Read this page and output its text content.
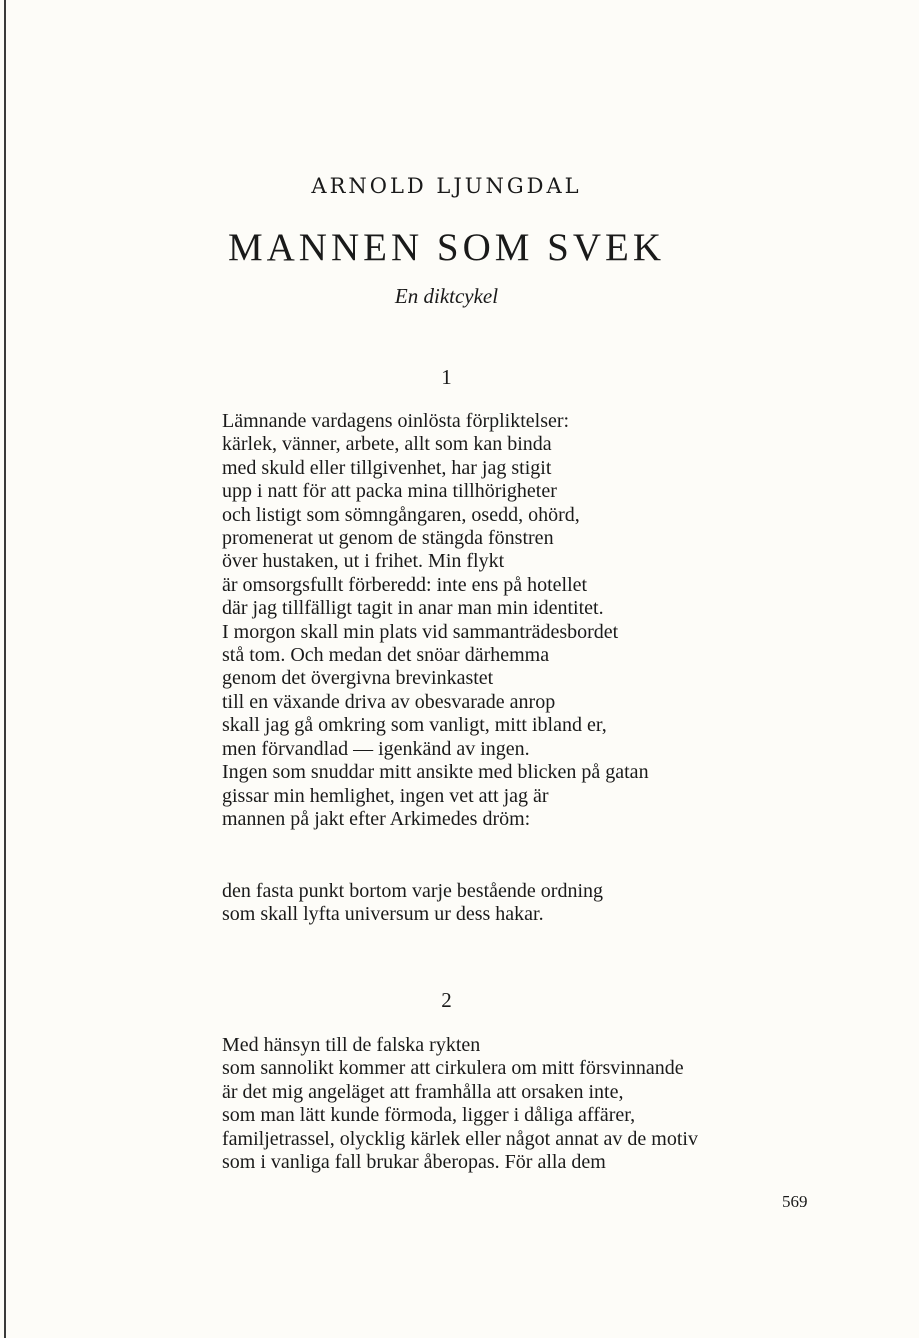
ARNOLD LJUNGDAL
MANNEN SOM SVEK
En diktcykel
1
Lämnande vardagens oinlösta förpliktelser:
kärlek, vänner, arbete, allt som kan binda
med skuld eller tillgivenhet, har jag stigit
upp i natt för att packa mina tillhörigheter
och listigt som sömngångaren, osedd, ohörd,
promenerat ut genom de stängda fönstren
över hustaken, ut i frihet. Min flykt
är omsorgsfullt förberedd: inte ens på hotellet
där jag tillfälligt tagit in anar man min identitet.
I morgon skall min plats vid sammanträdesbordet
stå tom. Och medan det snöar därhemma
genom det övergivna brevinkastet
till en växande driva av obesvarade anrop
skall jag gå omkring som vanligt, mitt ibland er,
men förvandlad — igenkänd av ingen.
Ingen som snuddar mitt ansikte med blicken på gatan
gissar min hemlighet, ingen vet att jag är
mannen på jakt efter Arkimedes dröm:
den fasta punkt bortom varje bestående ordning
som skall lyfta universum ur dess hakar.
2
Med hänsyn till de falska rykten
som sannolikt kommer att cirkulera om mitt försvinnande
är det mig angeläget att framhålla att orsaken inte,
som man lätt kunde förmoda, ligger i dåliga affärer,
familjetrassel, olycklig kärlek eller något annat av de motiv
som i vanliga fall brukar åberopas. För alla dem
569
